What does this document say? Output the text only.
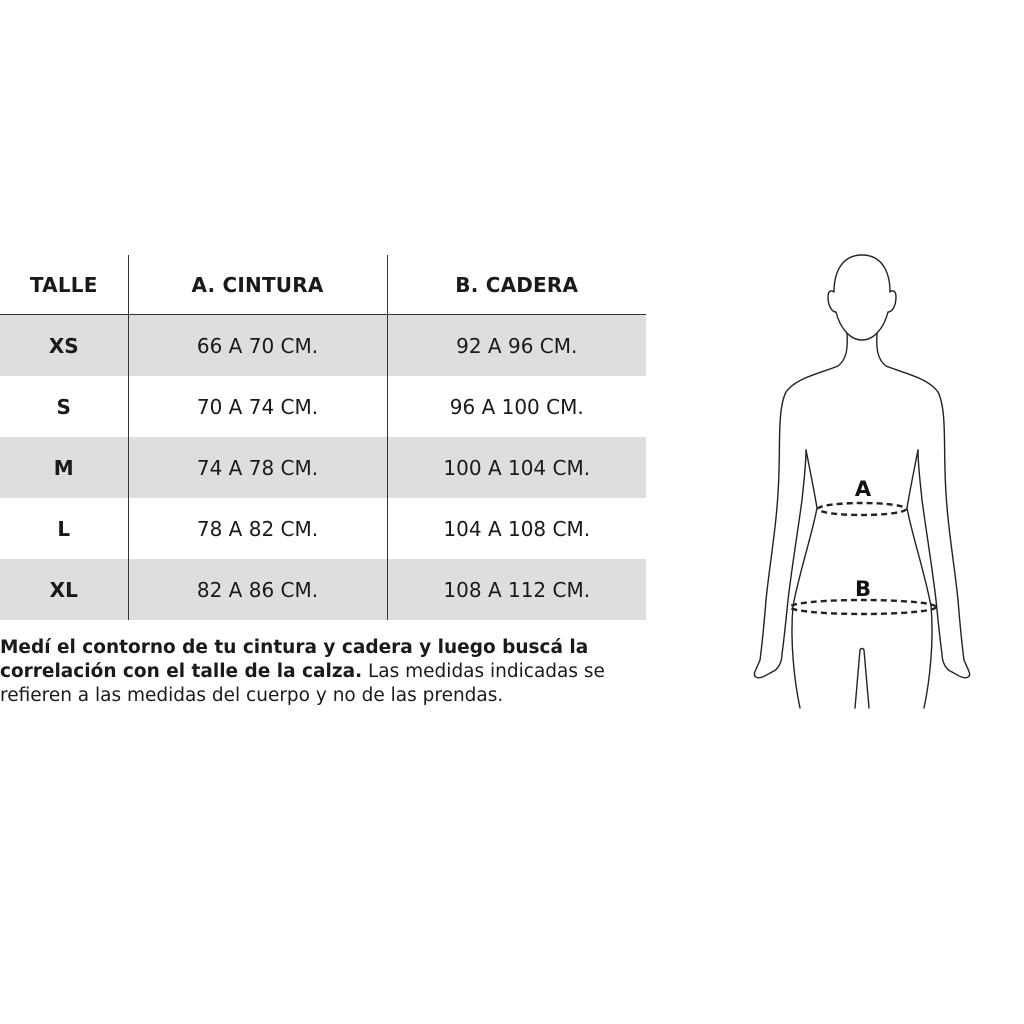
TALLE	A. CINTURA	B. CADERA
XS	66 A 70 CM.	92 A 96 CM.
S	70 A 74 CM.	96 A 100 CM.
M	74 A 78 CM.	100 A 104 CM.
L	78 A 82 CM.	104 A 108 CM.
XL	82 A 86 CM.	108 A 112 CM.

Medí el contorno de tu cintura y cadera y luego buscá la correlación con el talle de la calza. Las medidas indicadas se refieren a las medidas del cuerpo y no de las prendas.

A
B
